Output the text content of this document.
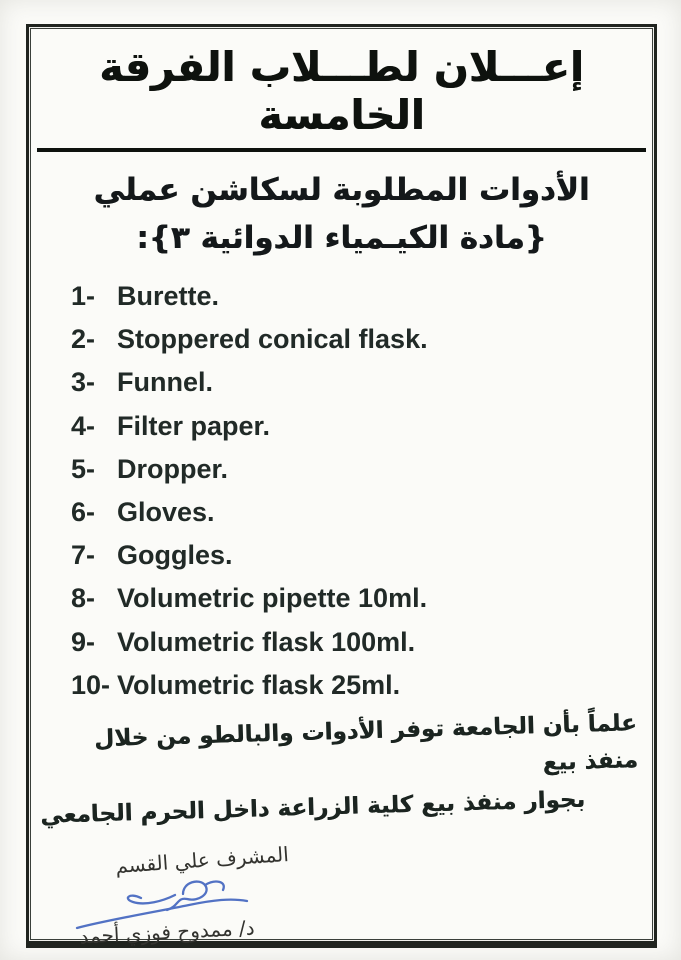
إعـــلان لطـــلاب الفرقة الخامسة
الأدوات المطلوبة لسكاشن عملي
{مادة الكيـمياء الدوائية ٣}:
1- Burette.
2- Stoppered conical flask.
3- Funnel.
4- Filter paper.
5- Dropper.
6- Gloves.
7- Goggles.
8- Volumetric pipette 10ml.
9- Volumetric flask 100ml.
10- Volumetric flask 25ml.
علماً بأن الجامعة توفر الأدوات والبالطو من خلال منفذ بيع
بجوار منفذ بيع كلية الزراعة داخل الحرم الجامعي
المشرف علي القسم
د/ ممدوح فوزي أحمد
